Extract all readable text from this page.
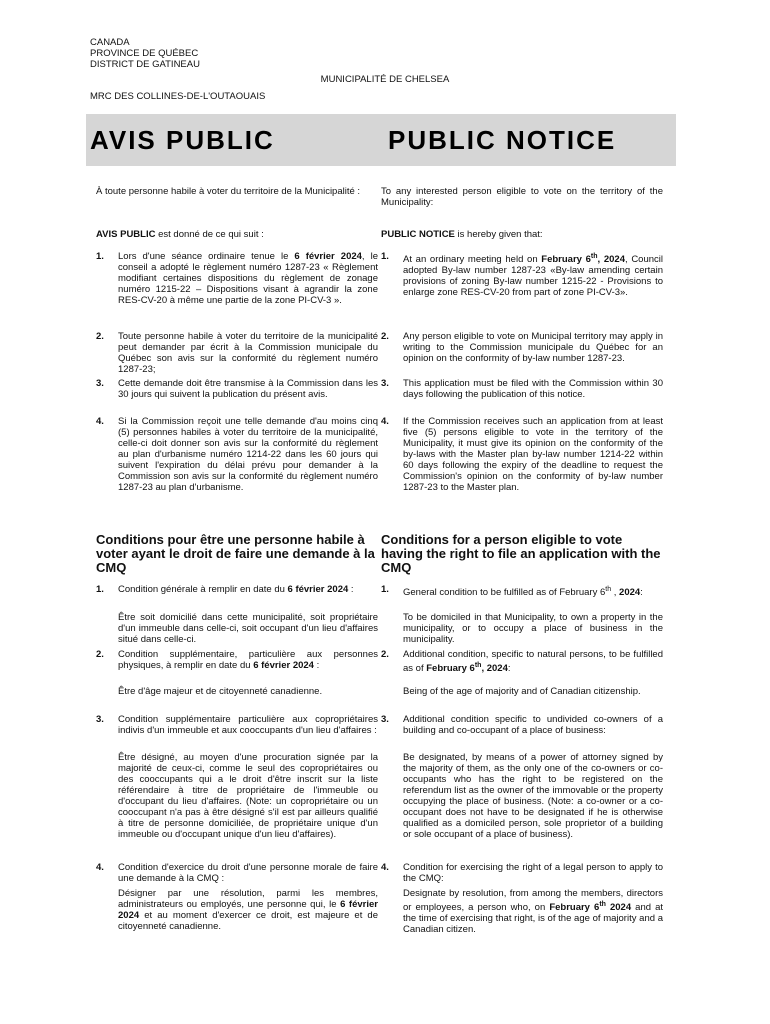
CANADA
PROVINCE DE QUÉBEC
DISTRICT DE GATINEAU
MUNICIPALITÉ DE CHELSEA
MRC DES COLLINES-DE-L'OUTAOUAIS
AVIS PUBLIC	PUBLIC NOTICE

À toute personne habile à voter du territoire de la Municipalité :

AVIS PUBLIC est donné de ce qui suit :

1. Lors d'une séance ordinaire tenue le 6 février 2024, le conseil a adopté le règlement numéro 1287-23 « Règlement modifiant certaines dispositions du règlement de zonage numéro 1215-22 – Dispositions visant à agrandir la zone RES-CV-20 à même une partie de la zone PI-CV-3 ».
2. Toute personne habile à voter du territoire de la municipalité peut demander par écrit à la Commission municipale du Québec son avis sur la conformité du règlement numéro 1287-23;
3. Cette demande doit être transmise à la Commission dans les 30 jours qui suivent la publication du présent avis.
4. Si la Commission reçoit une telle demande d'au moins cinq (5) personnes habiles à voter du territoire de la municipalité, celle-ci doit donner son avis sur la conformité du règlement au plan d'urbanisme numéro 1214-22 dans les 60 jours qui suivent l'expiration du délai prévu pour demander à la Commission son avis sur la conformité du règlement numéro 1287-23 au plan d'urbanisme.
Conditions pour être une personne habile à voter ayant le droit de faire une demande à la CMQ
1. Condition générale à remplir en date du 6 février 2024 :
Être soit domicilié dans cette municipalité, soit propriétaire d'un immeuble dans celle-ci, soit occupant d'un lieu d'affaires situé dans celle-ci.
2. Condition supplémentaire, particulière aux personnes physiques, à remplir en date du 6 février 2024 :
Être d'âge majeur et de citoyenneté canadienne.
3. Condition supplémentaire particulière aux copropriétaires indivis d'un immeuble et aux cooccupants d'un lieu d'affaires :
Être désigné, au moyen d'une procuration signée par la majorité de ceux-ci, comme le seul des copropriétaires ou des cooccupants qui a le droit d'être inscrit sur la liste référendaire à titre de propriétaire de l'immeuble ou d'occupant du lieu d'affaires. (Note: un copropriétaire ou un cooccupant n'a pas à être désigné s'il est par ailleurs qualifié à titre de personne domiciliée, de propriétaire unique d'un immeuble ou d'occupant unique d'un lieu d'affaires).
4. Condition d'exercice du droit d'une personne morale de faire une demande à la CMQ :
Désigner par une résolution, parmi les membres, administrateurs ou employés, une personne qui, le 6 février 2024 et au moment d'exercer ce droit, est majeure et de citoyenneté canadienne.

To any interested person eligible to vote on the territory of the Municipality:

PUBLIC NOTICE is hereby given that:

1. At an ordinary meeting held on February 6th, 2024, Council adopted By-law number 1287-23 «By-law amending certain provisions of zoning By-law number 1215-22 - Provisions to enlarge zone RES-CV-20 from part of zone PI-CV-3».
2. Any person eligible to vote on Municipal territory may apply in writing to the Commission municipale du Québec for an opinion on the conformity of by-law number 1287-23.
3. This application must be filed with the Commission within 30 days following the publication of this notice.
4. If the Commission receives such an application from at least five (5) persons eligible to vote in the territory of the Municipality, it must give its opinion on the conformity of the by-laws with the Master plan by-law number 1214-22 within 60 days following the expiry of the deadline to request the Commission's opinion on the conformity of by-law number 1287-23 to the Master plan.
Conditions for a person eligible to vote having the right to file an application with the CMQ
1. General condition to be fulfilled as of February 6th , 2024:
To be domiciled in that Municipality, to own a property in the municipality, or to occupy a place of business in the municipality.
2. Additional condition, specific to natural persons, to be fulfilled as of February 6th, 2024:
Being of the age of majority and of Canadian citizenship.
3. Additional condition specific to undivided co-owners of a building and co-occupant of a place of business:
Be designated, by means of a power of attorney signed by the majority of them, as the only one of the co-owners or co-occupants who has the right to be registered on the referendum list as the owner of the immovable or the property occupying the place of business. (Note: a co-owner or a co-occupant does not have to be designated if he is otherwise qualified as a domiciled person, sole proprietor of a building or sole occupant of a place of business).
4. Condition for exercising the right of a legal person to apply to the CMQ:
Designate by resolution, from among the members, directors or employees, a person who, on February 6th 2024 and at the time of exercising that right, is of the age of majority and a Canadian citizen.
